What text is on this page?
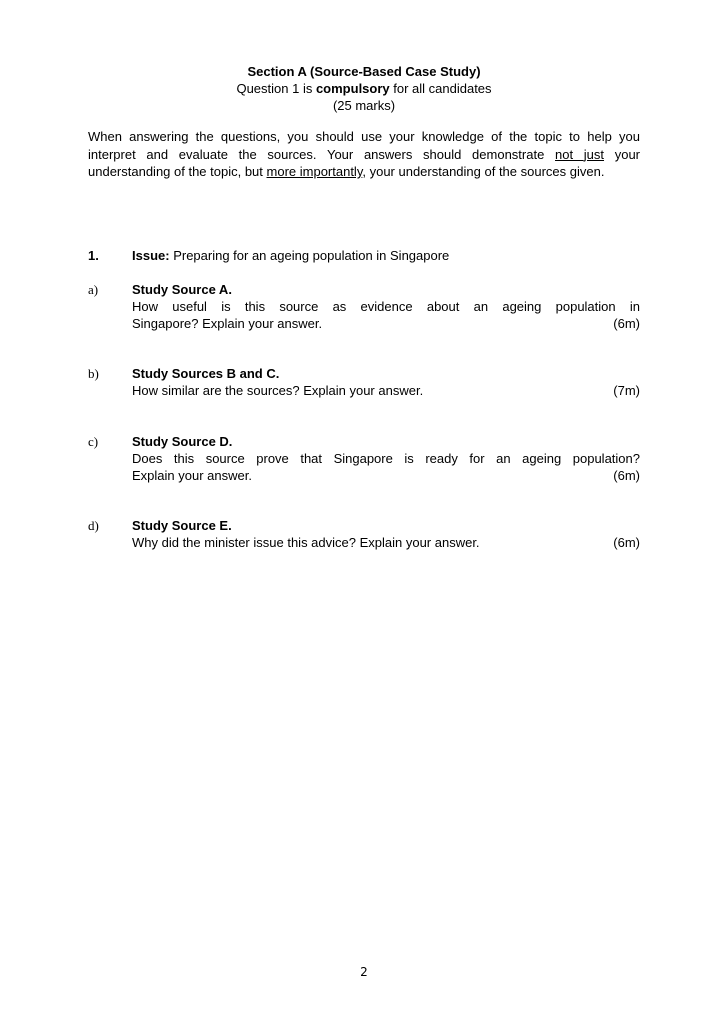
Section A (Source-Based Case Study)
Question 1 is compulsory for all candidates
(25 marks)
When answering the questions, you should use your knowledge of the topic to help you interpret and evaluate the sources. Your answers should demonstrate not just your understanding of the topic, but more importantly, your understanding of the sources given.
1.	Issue: Preparing for an ageing population in Singapore
a)	Study Source A.
How useful is this source as evidence about an ageing population in
Singapore? Explain your answer.	(6m)
b)	Study Sources B and C.
How similar are the sources? Explain your answer.	(7m)
c)	Study Source D.
Does this source prove that Singapore is ready for an ageing population?
Explain your answer.	(6m)
d)	Study Source E.
Why did the minister issue this advice? Explain your answer.	(6m)
2
